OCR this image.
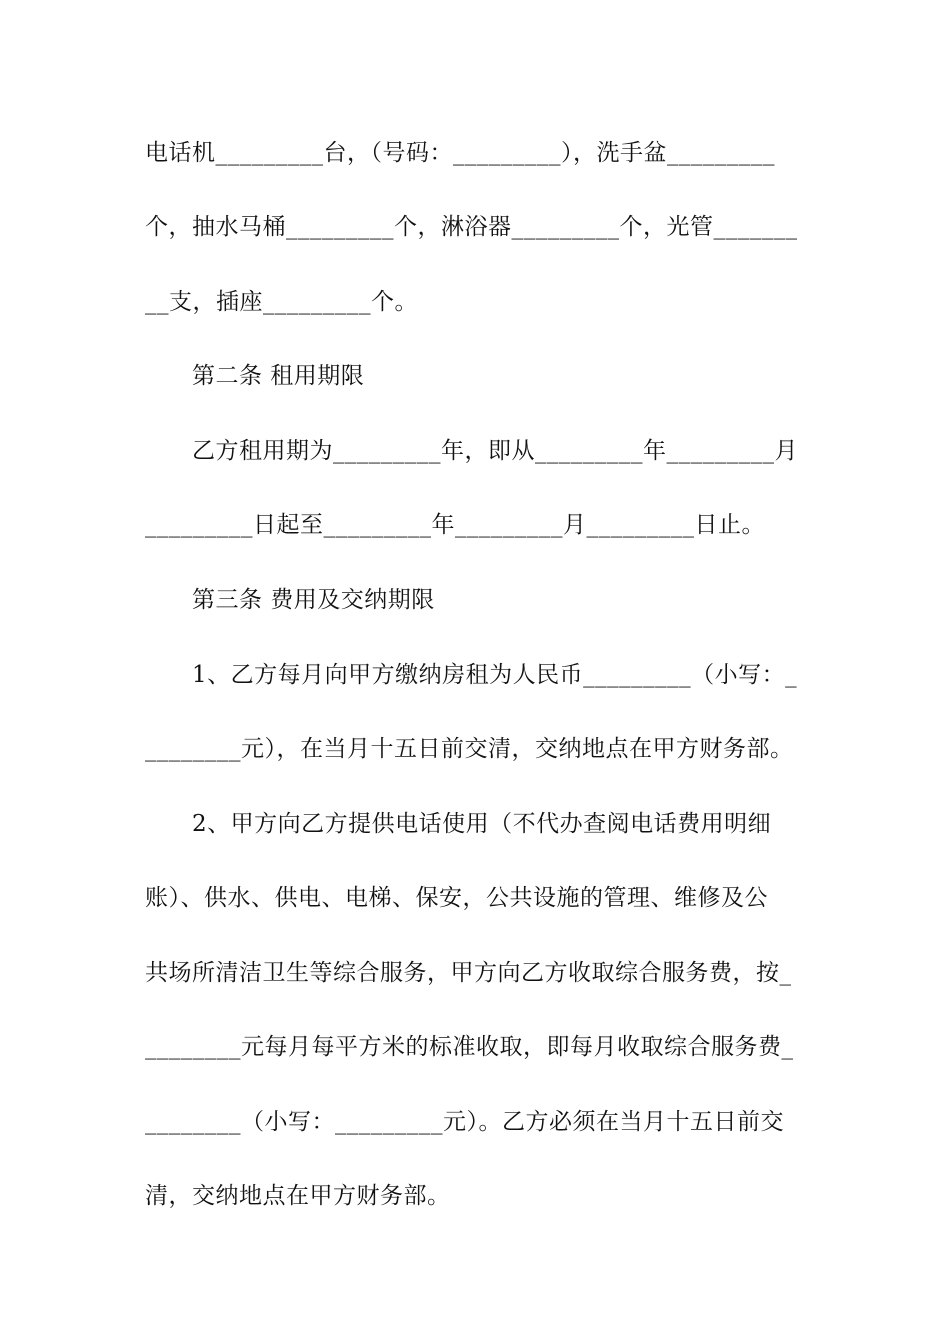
电话机_________台，（号码：_________），洗手盆_________
个，抽水马桶_________个，淋浴器_________个，光管_______
__支，插座_________个。
第二条 租用期限
乙方租用期为_________年，即从_________年_________月
_________日起至_________年_________月_________日止。
第三条 费用及交纳期限
1、乙方每月向甲方缴纳房租为人民币_________（小写：_
________元），在当月十五日前交清，交纳地点在甲方财务部。
2、甲方向乙方提供电话使用（不代办查阅电话费用明细
账）、供水、供电、电梯、保安，公共设施的管理、维修及公
共场所清洁卫生等综合服务，甲方向乙方收取综合服务费，按_
________元每月每平方米的标准收取，即每月收取综合服务费_
________（小写：_________元）。乙方必须在当月十五日前交
清，交纳地点在甲方财务部。
